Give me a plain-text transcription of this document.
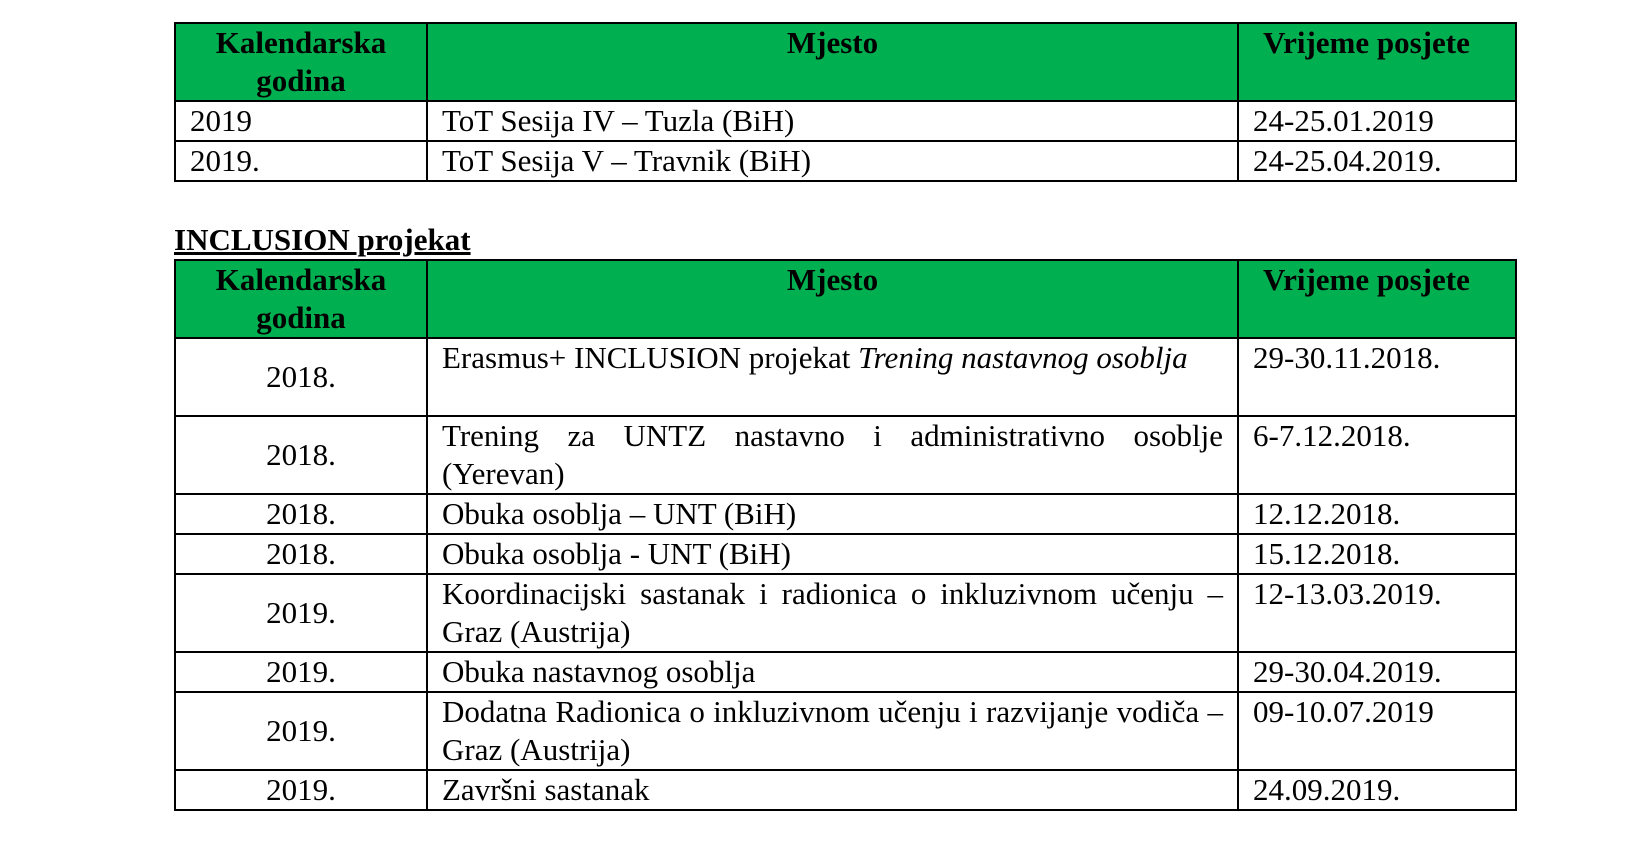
Kalendarska godina	Mjesto	Vrijeme posjete
2019	ToT Sesija IV – Tuzla (BiH)	24-25.01.2019
2019.	ToT Sesija V – Travnik (BiH)	24-25.04.2019.

INCLUSION projekat

Kalendarska godina	Mjesto	Vrijeme posjete
2018.	Erasmus+ INCLUSION projekat Trening nastavnog osoblja	29-30.11.2018.
2018.	Trening za UNTZ nastavno i administrativno osoblje (Yerevan)	6-7.12.2018.
2018.	Obuka osoblja – UNT (BiH)	12.12.2018.
2018.	Obuka osoblja - UNT (BiH)	15.12.2018.
2019.	Koordinacijski sastanak i radionica o inkluzivnom učenju – Graz (Austrija)	12-13.03.2019.
2019.	Obuka nastavnog osoblja	29-30.04.2019.
2019.	Dodatna Radionica o inkluzivnom učenju i razvijanje vodiča – Graz (Austrija)	09-10.07.2019
2019.	Završni sastanak	24.09.2019.
